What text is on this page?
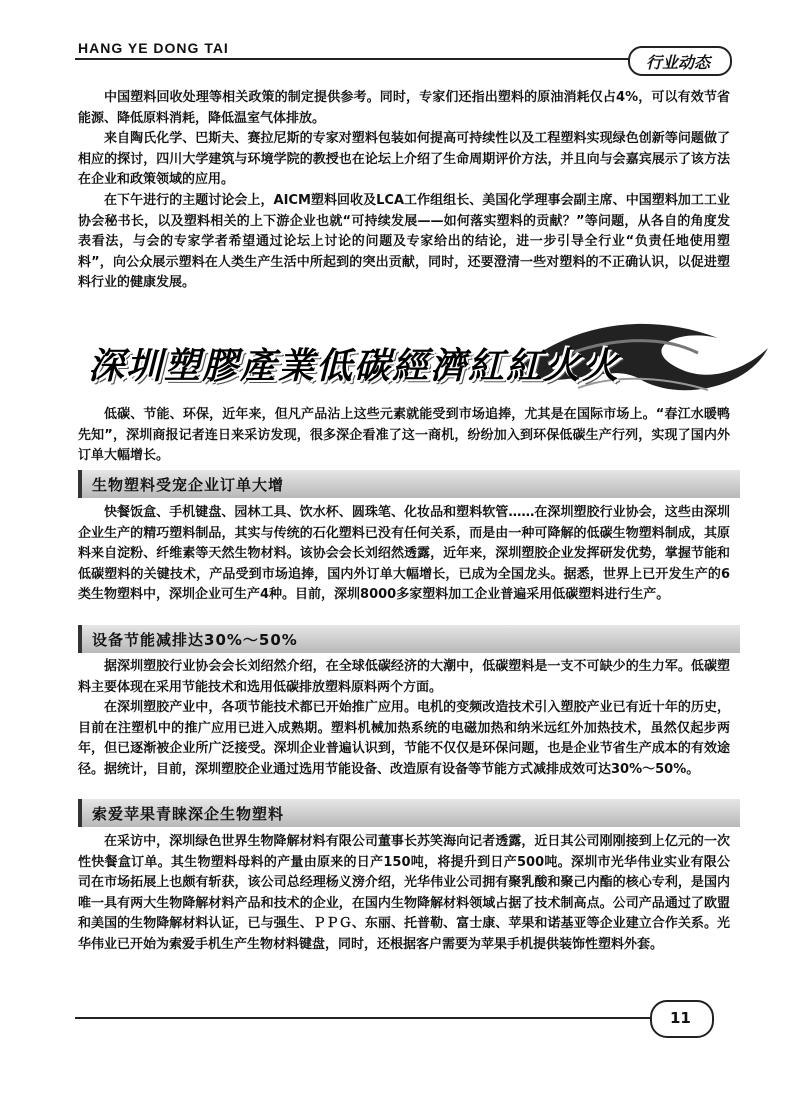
HANG YE DONG TAI
行业动态
中国塑料回收处理等相关政策的制定提供参考。同时，专家们还指出塑料的原油消耗仅占4%，可以有效节省能源、降低原料消耗，降低温室气体排放。
来自陶氏化学、巴斯夫、赛拉尼斯的专家对塑料包装如何提高可持续性以及工程塑料实现绿色创新等问题做了相应的探讨，四川大学建筑与环境学院的教授也在论坛上介绍了生命周期评价方法，并且向与会嘉宾展示了该方法在企业和政策领域的应用。
在下午进行的主题讨论会上，AICM塑料回收及LCA工作组组长、美国化学理事会副主席、中国塑料加工工业协会秘书长，以及塑料相关的上下游企业也就“可持续发展——如何落实塑料的贡献？”等问题，从各自的角度发表看法，与会的专家学者希望通过论坛上讨论的问题及专家给出的结论，进一步引导全行业“负责任地使用塑料”，向公众展示塑料在人类生产生活中所起到的突出贡献，同时，还要澄清一些对塑料的不正确认识，以促进塑料行业的健康发展。
深圳塑膠產業低碳經濟紅紅火火
低碳、节能、环保，近年来，但凡产品沾上这些元素就能受到市场追捧，尤其是在国际市场上。“春江水暖鸭先知”，深圳商报记者连日来采访发现，很多深企看准了这一商机，纷纷加入到环保低碳生产行列，实现了国内外订单大幅增长。
生物塑料受宠企业订单大增
快餐饭盒、手机键盘、园林工具、饮水杯、圆珠笔、化妆品和塑料软管……在深圳塑胶行业协会，这些由深圳企业生产的精巧塑料制品，其实与传统的石化塑料已没有任何关系，而是由一种可降解的低碳生物塑料制成，其原料来自淀粉、纤维素等天然生物材料。该协会会长刘绍然透露，近年来，深圳塑胶企业发挥研发优势，掌握节能和低碳塑料的关键技术，产品受到市场追捧，国内外订单大幅增长，已成为全国龙头。据悉，世界上已开发生产的6类生物塑料中，深圳企业可生产4种。目前，深圳8000多家塑料加工企业普遍采用低碳塑料进行生产。
设备节能减排达30%～50%
据深圳塑胶行业协会会长刘绍然介绍，在全球低碳经济的大潮中，低碳塑料是一支不可缺少的生力军。低碳塑料主要体现在采用节能技术和选用低碳排放塑料原料两个方面。
在深圳塑胶产业中，各项节能技术都已开始推广应用。电机的变频改造技术引入塑胶产业已有近十年的历史，目前在注塑机中的推广应用已进入成熟期。塑料机械加热系统的电磁加热和纳米远红外加热技术，虽然仅起步两年，但已逐渐被企业所广泛接受。深圳企业普遍认识到，节能不仅仅是环保问题，也是企业节省生产成本的有效途径。据统计，目前，深圳塑胶企业通过选用节能设备、改造原有设备等节能方式减排成效可达30%～50%。
索爱苹果青睐深企生物塑料
在采访中，深圳绿色世界生物降解材料有限公司董事长苏笑海向记者透露，近日其公司刚刚接到上亿元的一次性快餐盒订单。其生物塑料母料的产量由原来的日产150吨，将提升到日产500吨。深圳市光华伟业实业有限公司在市场拓展上也颇有斩获，该公司总经理杨义滂介绍，光华伟业公司拥有聚乳酸和聚己内酯的核心专利，是国内唯一具有两大生物降解材料产品和技术的企业，在国内生物降解材料领域占据了技术制高点。公司产品通过了欧盟和美国的生物降解材料认证，已与强生、ＰＰＧ、东丽、托普勒、富士康、苹果和诺基亚等企业建立合作关系。光华伟业已开始为索爱手机生产生物材料键盘，同时，还根据客户需要为苹果手机提供装饰性塑料外套。
11
